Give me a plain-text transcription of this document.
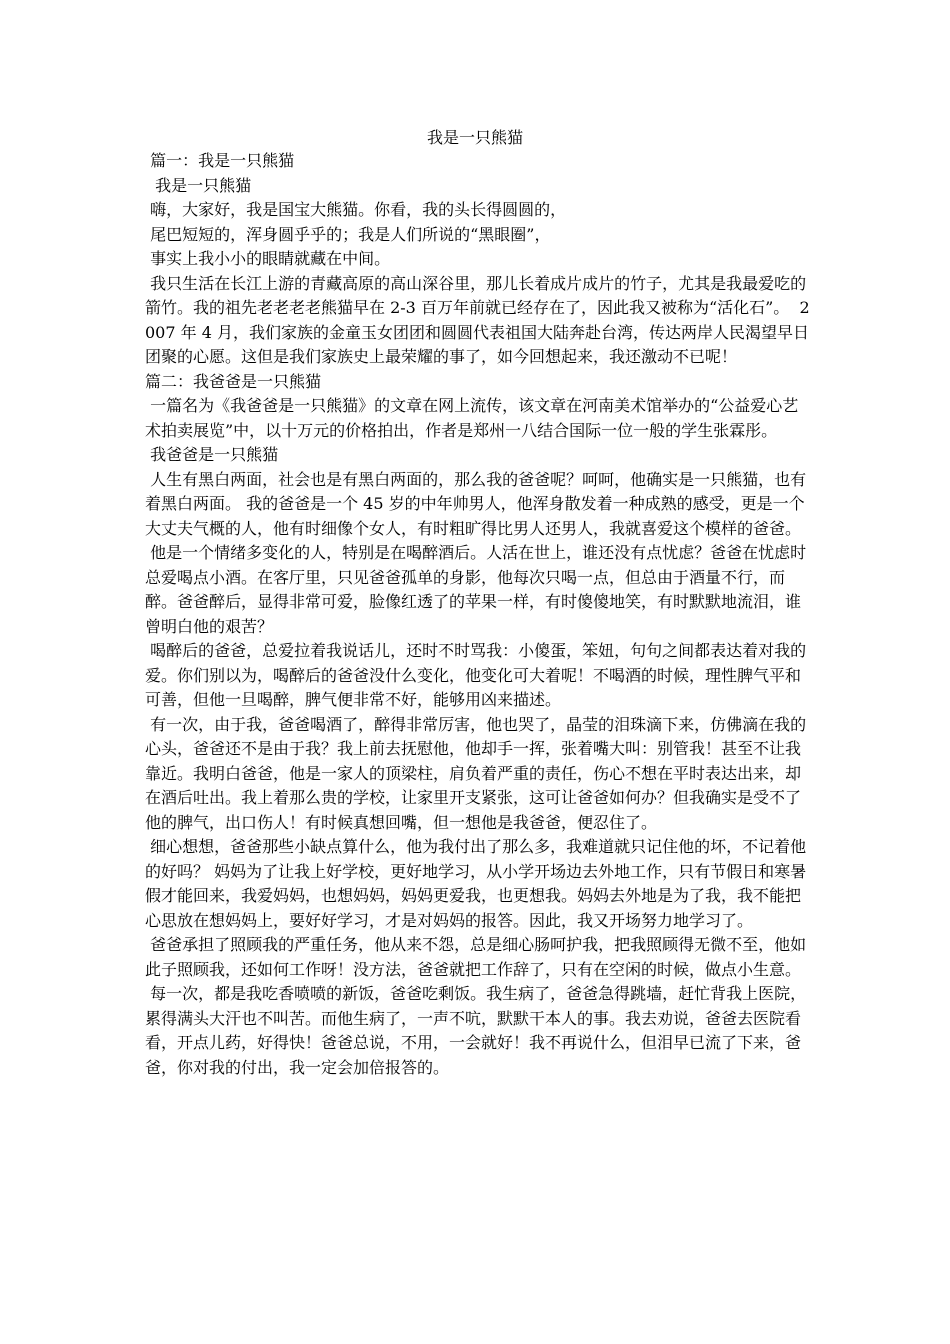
我是一只熊猫

篇一：我是一只熊猫

我是一只熊猫

嗨，大家好，我是国宝大熊猫。你看，我的头长得圆圆的，

尾巴短短的，浑身圆乎乎的；我是人们所说的“黑眼圈”，

事实上我小小的眼睛就藏在中间。

我只生活在长江上游的青藏高原的高山深谷里，那儿长着成片成片的竹子，尤其是我最爱吃的箭竹。我的祖先老老老老熊猫早在 2-3 百万年前就已经存在了，因此我又被称为“活化石”。  2007 年 4 月，我们家族的金童玉女团团和圆圆代表祖国大陆奔赴台湾，传达两岸人民渴望早日团聚的心愿。这但是我们家族史上最荣耀的事了，如今回想起来，我还激动不已呢！

篇二：我爸爸是一只熊猫

一篇名为《我爸爸是一只熊猫》的文章在网上流传，该文章在河南美术馆举办的“公益爱心艺术拍卖展览”中，以十万元的价格拍出，作者是郑州一八结合国际一位一般的学生张霖彤。

我爸爸是一只熊猫

人生有黑白两面，社会也是有黑白两面的，那么我的爸爸呢？呵呵，他确实是一只熊猫，也有着黑白两面。 我的爸爸是一个 45 岁的中年帅男人，他浑身散发着一种成熟的感受，更是一个大丈夫气概的人，他有时细像个女人，有时粗旷得比男人还男人，我就喜爱这个模样的爸爸。

他是一个情绪多变化的人，特别是在喝醉酒后。人活在世上，谁还没有点忧虑？爸爸在忧虑时总爱喝点小酒。在客厅里，只见爸爸孤单的身影，他每次只喝一点，但总由于酒量不行，而醉。爸爸醉后，显得非常可爱，脸像红透了的苹果一样，有时傻傻地笑，有时默默地流泪，谁曾明白他的艰苦？

喝醉后的爸爸，总爱拉着我说话儿，还时不时骂我：小傻蛋，笨妞，句句之间都表达着对我的爱。你们别以为，喝醉后的爸爸没什么变化，他变化可大着呢！不喝酒的时候，理性脾气平和可善，但他一旦喝醉，脾气便非常不好，能够用凶来描述。

有一次，由于我，爸爸喝酒了，醉得非常厉害，他也哭了，晶莹的泪珠滴下来，仿佛滴在我的心头，爸爸还不是由于我？我上前去抚慰他，他却手一挥，张着嘴大叫：别管我！甚至不让我靠近。我明白爸爸，他是一家人的顶梁柱，肩负着严重的责任，伤心不想在平时表达出来，却在酒后吐出。我上着那么贵的学校，让家里开支紧张，这可让爸爸如何办？但我确实是受不了他的脾气，出口伤人！有时候真想回嘴，但一想他是我爸爸，便忍住了。

细心想想，爸爸那些小缺点算什么，他为我付出了那么多，我难道就只记住他的坏，不记着他的好吗？ 妈妈为了让我上好学校，更好地学习，从小学开场边去外地工作，只有节假日和寒暑假才能回来，我爱妈妈，也想妈妈，妈妈更爱我，也更想我。妈妈去外地是为了我，我不能把心思放在想妈妈上，要好好学习，才是对妈妈的报答。因此，我又开场努力地学习了。

爸爸承担了照顾我的严重任务，他从来不怨，总是细心肠呵护我，把我照顾得无微不至，他如此子照顾我，还如何工作呀！没方法，爸爸就把工作辞了，只有在空闲的时候，做点小生意。

每一次，都是我吃香喷喷的新饭，爸爸吃剩饭。我生病了，爸爸急得跳墙，赶忙背我上医院，累得满头大汗也不叫苦。而他生病了，一声不吭，默默干本人的事。我去劝说，爸爸去医院看看，开点儿药，好得快！爸爸总说，不用，一会就好！我不再说什么，但泪早已流了下来，爸爸，你对我的付出，我一定会加倍报答的。
